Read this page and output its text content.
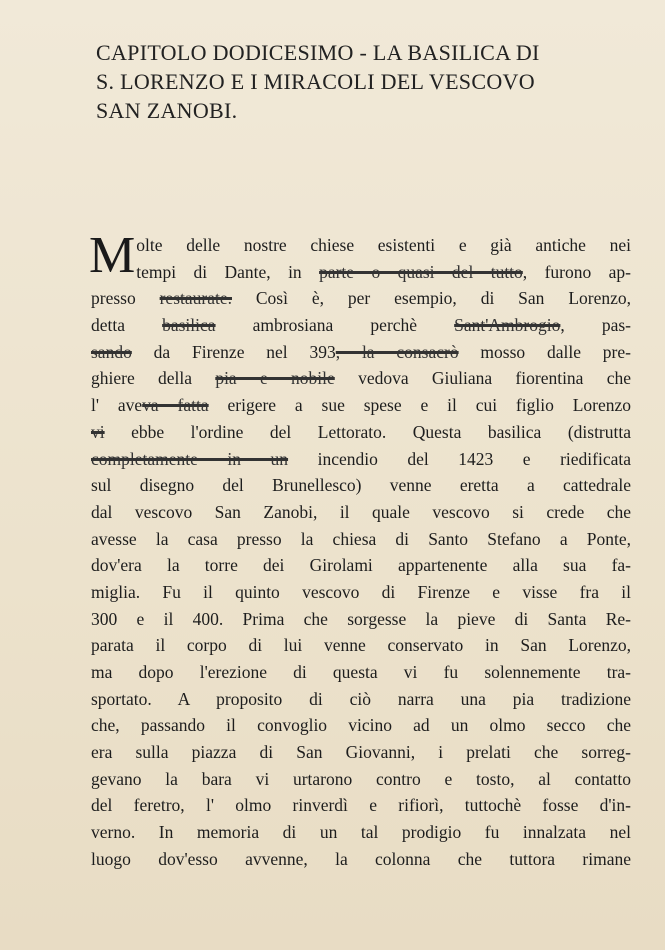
CAPITOLO DODICESIMO - LA BASILICA DI
S. LORENZO E I MIRACOLI DEL VESCOVO
SAN ZANOBI.
Molte delle nostre chiese esistenti e già antiche nei
tempi di Dante, in parte o quasi del tutto, furono ap-
presso restaurate. Così è, per esempio, di San Lorenzo,
detta basilica ambrosiana perchè Sant'Ambrogio, pas-
sando da Firenze nel 393, la consacrò mosso dalle pre-
ghiere della pia e nobile vedova Giuliana fiorentina che
l' aveva fatta erigere a sue spese e il cui figlio Lorenzo
vi ebbe l'ordine del Lettorato. Questa basilica (distrutta
completamente in un incendio del 1423 e riedificata
sul disegno del Brunellesco) venne eretta a cattedrale
dal vescovo San Zanobi, il quale vescovo si crede che
avesse la casa presso la chiesa di Santo Stefano a Ponte,
dov'era la torre dei Girolami appartenente alla sua fa-
miglia. Fu il quinto vescovo di Firenze e visse fra il
300 e il 400. Prima che sorgesse la pieve di Santa Re-
parata il corpo di lui venne conservato in San Lorenzo,
ma dopo l'erezione di questa vi fu solennemente tra-
sportato. A proposito di ciò narra una pia tradizione
che, passando il convoglio vicino ad un olmo secco che
era sulla piazza di San Giovanni, i prelati che sorreg-
gevano la bara vi urtarono contro e tosto, al contatto
del feretro, l' olmo rinverdì e rifiorì, tuttochè fosse d'in-
verno. In memoria di un tal prodigio fu innalzata nel
luogo dov'esso avvenne, la colonna che tuttora rimane
